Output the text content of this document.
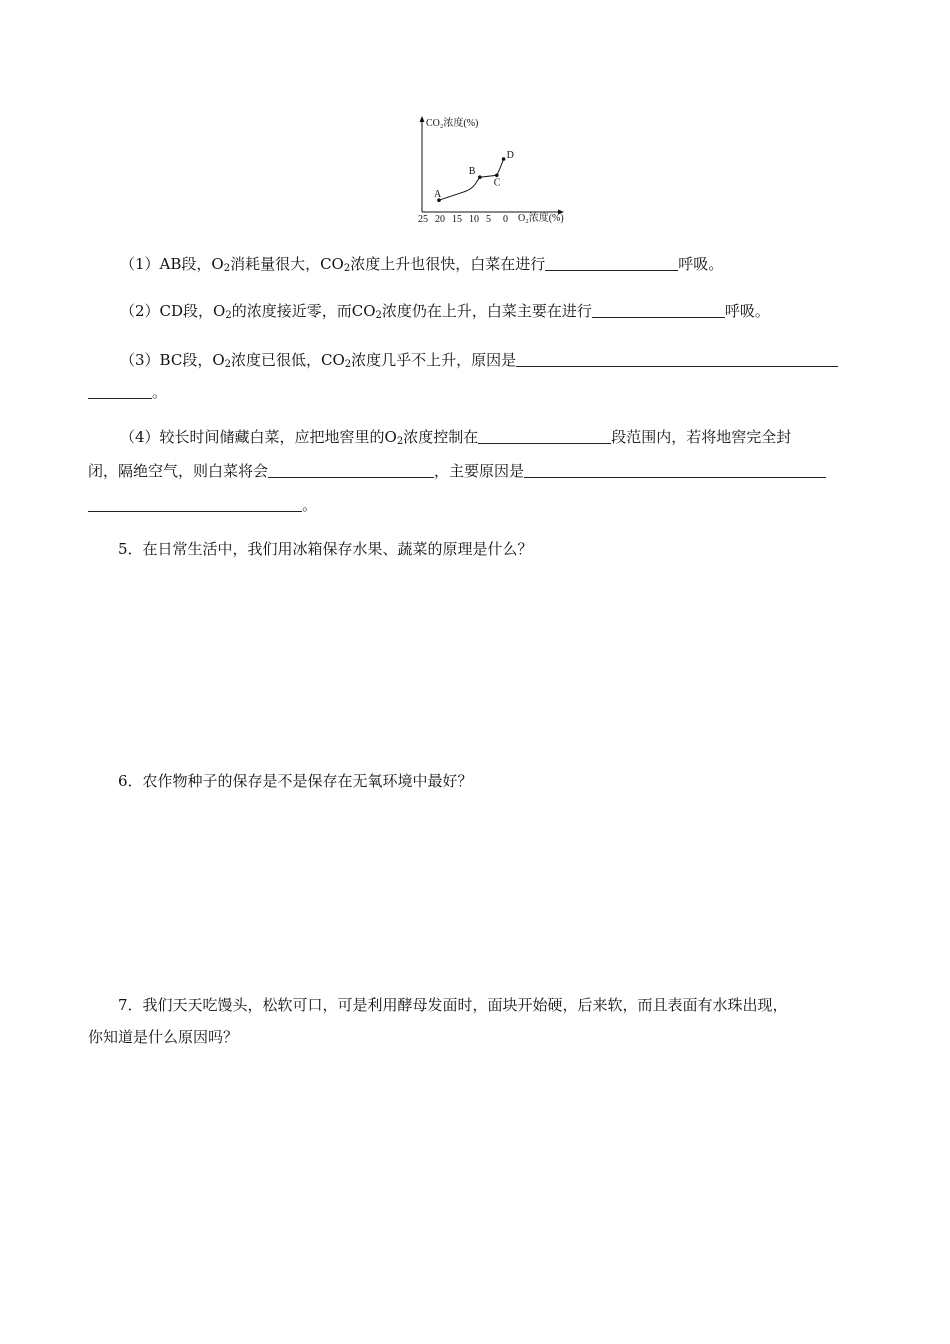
CO₂浓度(%)
O₂浓度(%)
25 20 15 10 5 0
A
B
C
D
（1）AB段，$O_2$消耗量很大，$CO_2$浓度上升也很快，白菜在进行	呼吸。
（2）CD段，$O_2$的浓度接近零，而$CO_2$浓度仍在上升，白菜主要在进行	呼吸。
（3）BC段，$O_2$浓度已很低，$CO_2$浓度几乎不上升，原因是
。
（4）较长时间储藏白菜，应把地窖里的$O_2$浓度控制在	段范围内，若将地窖完全封
闭，隔绝空气，则白菜将会	，主要原因是
。
5．在日常生活中，我们用冰箱保存水果、蔬菜的原理是什么？
6．农作物种子的保存是不是保存在无氧环境中最好？
7．我们天天吃馒头，松软可口，可是利用酵母发面时，面块开始硬，后来软，而且表面有水珠出现，
你知道是什么原因吗？
